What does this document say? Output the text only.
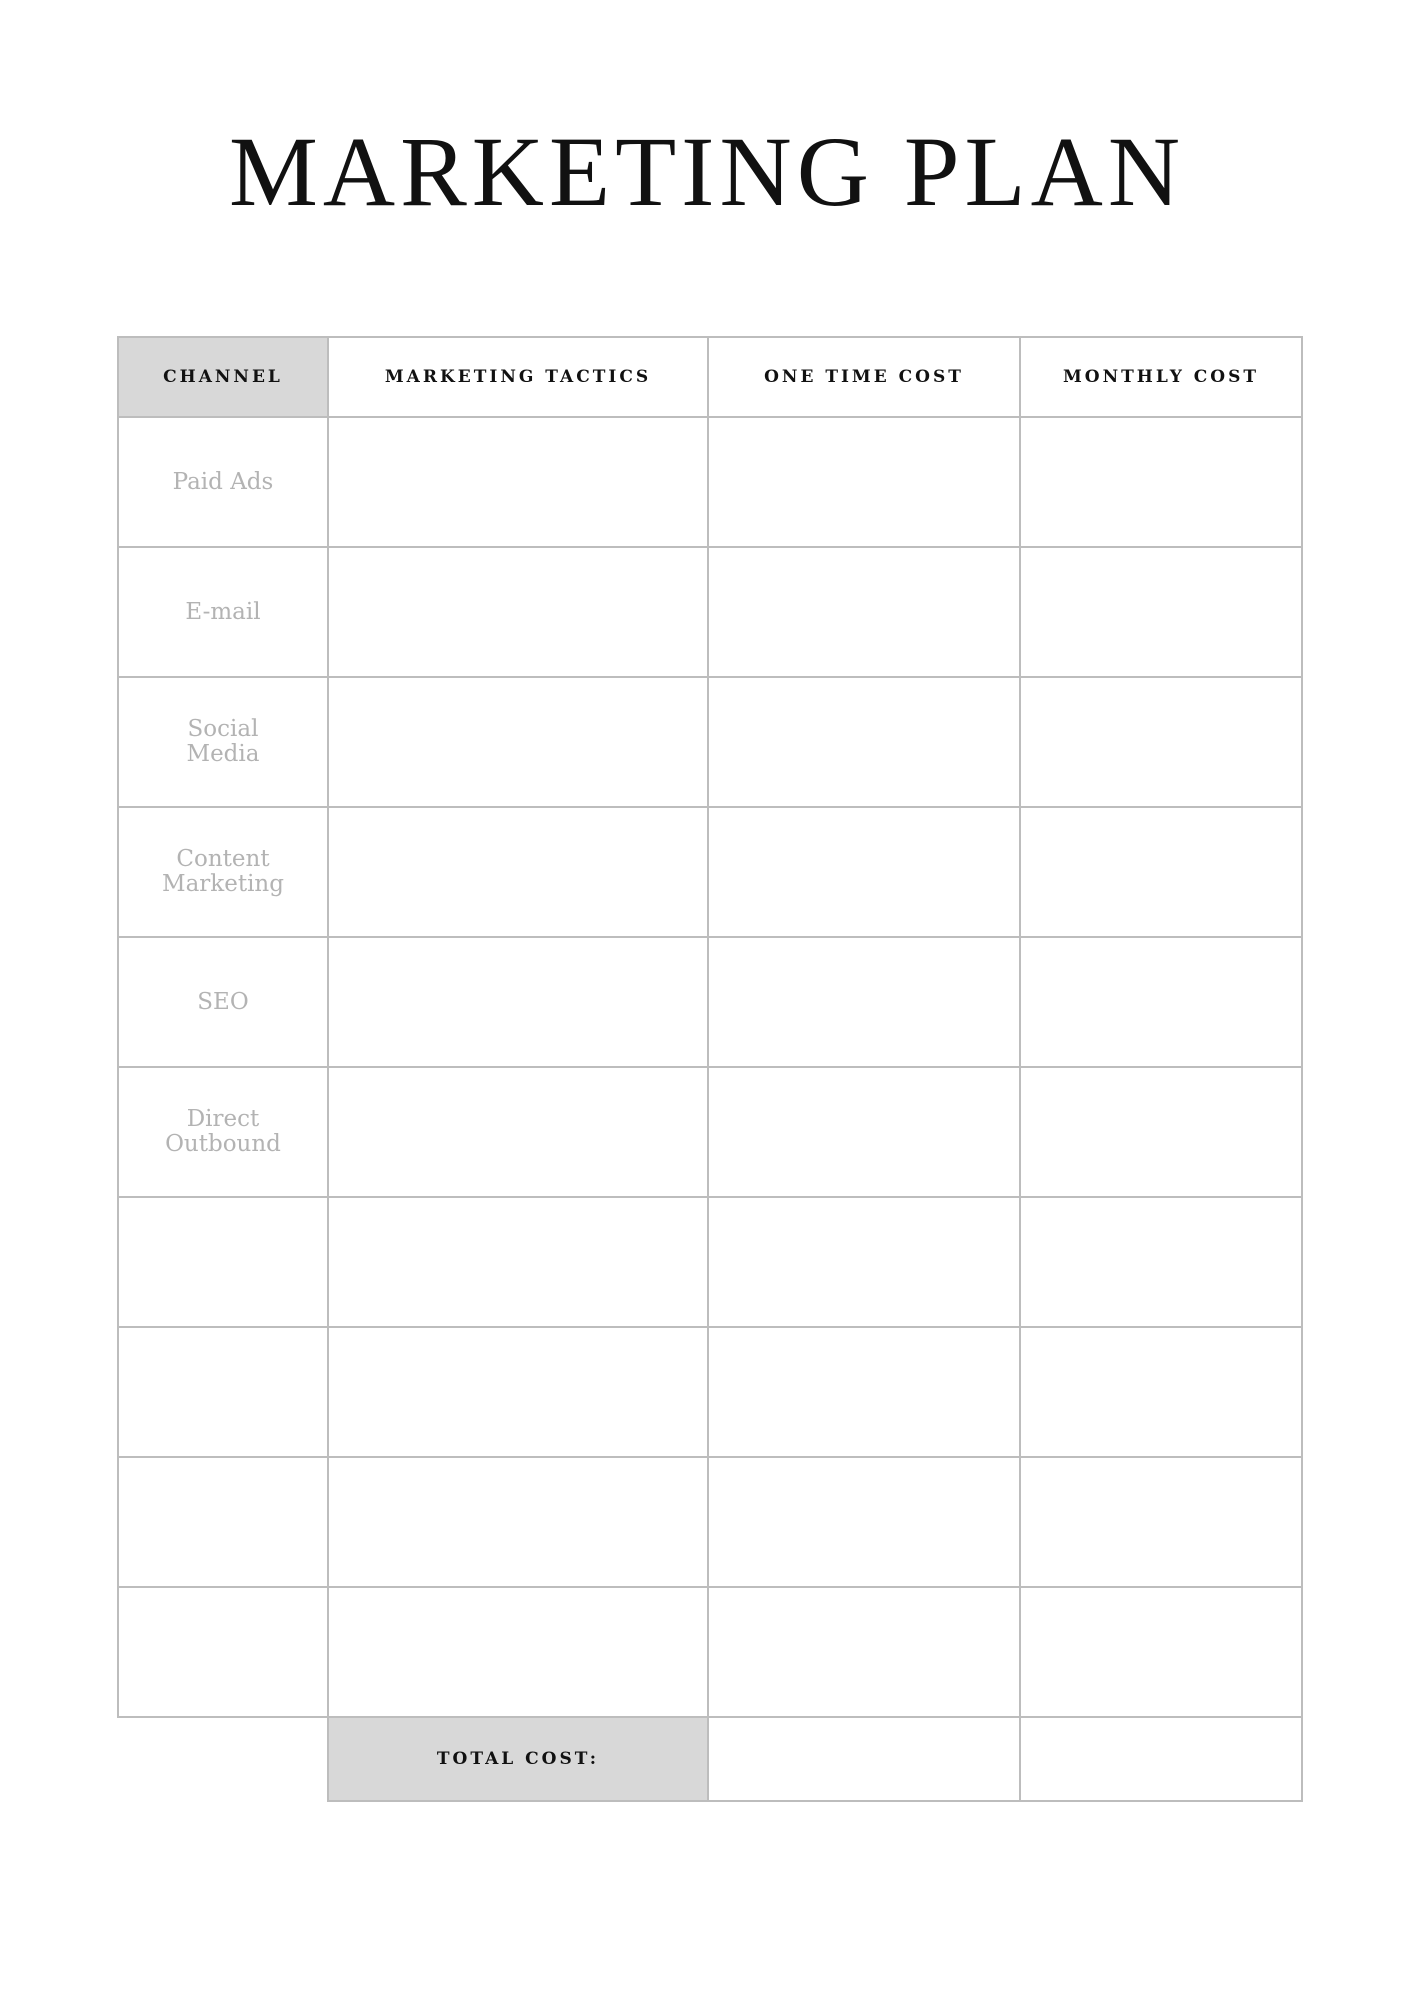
MARKETING PLAN
CHANNEL	MARKETING TACTICS	ONE TIME COST	MONTHLY COST
Paid Ads			
E-mail			
Social Media			
Content Marketing			
SEO			
Direct Outbound			

	TOTAL COST:		
